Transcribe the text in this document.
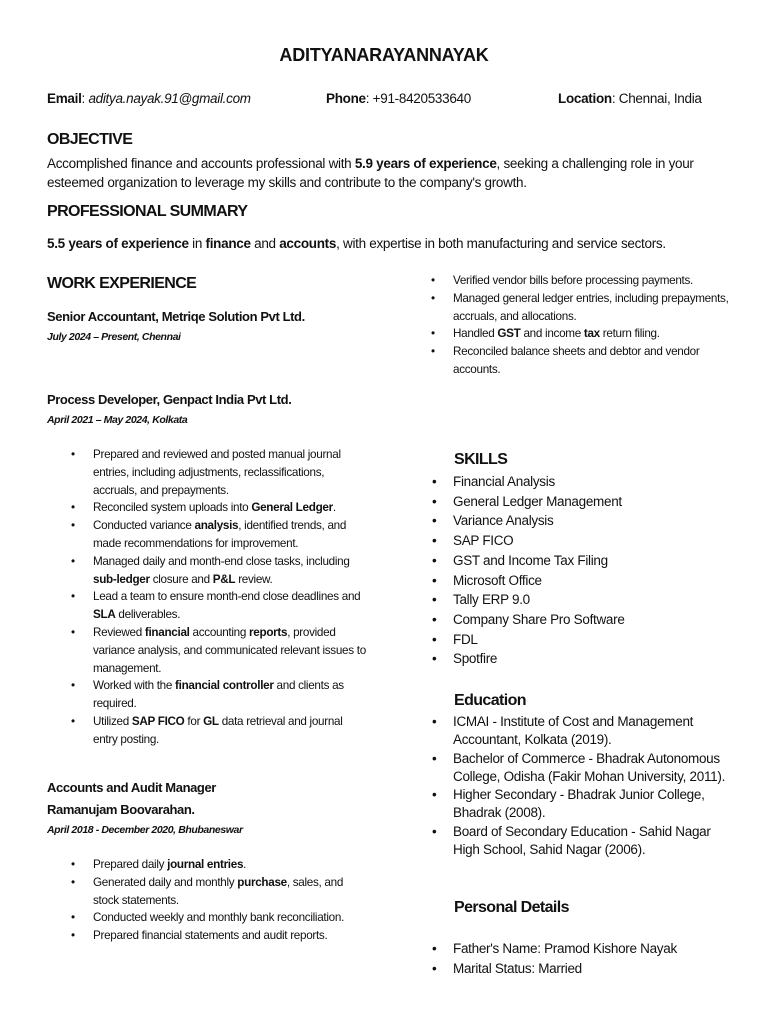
ADITYANARAYANNAYAK
Email: aditya.nayak.91@gmail.com	Phone: +91-8420533640	Location: Chennai, India
OBJECTIVE
Accomplished finance and accounts professional with 5.9 years of experience, seeking a challenging role in your esteemed organization to leverage my skills and contribute to the company's growth.
PROFESSIONAL SUMMARY
5.5 years of experience in finance and accounts, with expertise in both manufacturing and service sectors.
WORK EXPERIENCE
Senior Accountant, Metriqe Solution Pvt Ltd.
July 2024 – Present, Chennai
• Verified vendor bills before processing payments.
• Managed general ledger entries, including prepayments, accruals, and allocations.
• Handled GST and income tax return filing.
• Reconciled balance sheets and debtor and vendor accounts.
Process Developer, Genpact India Pvt Ltd.
April 2021 – May 2024, Kolkata
• Prepared and reviewed and posted manual journal entries, including adjustments, reclassifications, accruals, and prepayments.
• Reconciled system uploads into General Ledger.
• Conducted variance analysis, identified trends, and made recommendations for improvement.
• Managed daily and month-end close tasks, including sub-ledger closure and P&L review.
• Lead a team to ensure month-end close deadlines and SLA deliverables.
• Reviewed financial accounting reports, provided variance analysis, and communicated relevant issues to management.
• Worked with the financial controller and clients as required.
• Utilized SAP FICO for GL data retrieval and journal entry posting.
Accounts and Audit Manager
Ramanujam Boovarahan.
April 2018 - December 2020, Bhubaneswar
• Prepared daily journal entries.
• Generated daily and monthly purchase, sales, and stock statements.
• Conducted weekly and monthly bank reconciliation.
• Prepared financial statements and audit reports.
SKILLS
• Financial Analysis
• General Ledger Management
• Variance Analysis
• SAP FICO
• GST and Income Tax Filing
• Microsoft Office
• Tally ERP 9.0
• Company Share Pro Software
• FDL
• Spotfire
Education
• ICMAI - Institute of Cost and Management Accountant, Kolkata (2019).
• Bachelor of Commerce - Bhadrak Autonomous College, Odisha (Fakir Mohan University, 2011).
• Higher Secondary - Bhadrak Junior College, Bhadrak (2008).
• Board of Secondary Education - Sahid Nagar High School, Sahid Nagar (2006).
Personal Details
• Father's Name: Pramod Kishore Nayak
• Marital Status: Married
